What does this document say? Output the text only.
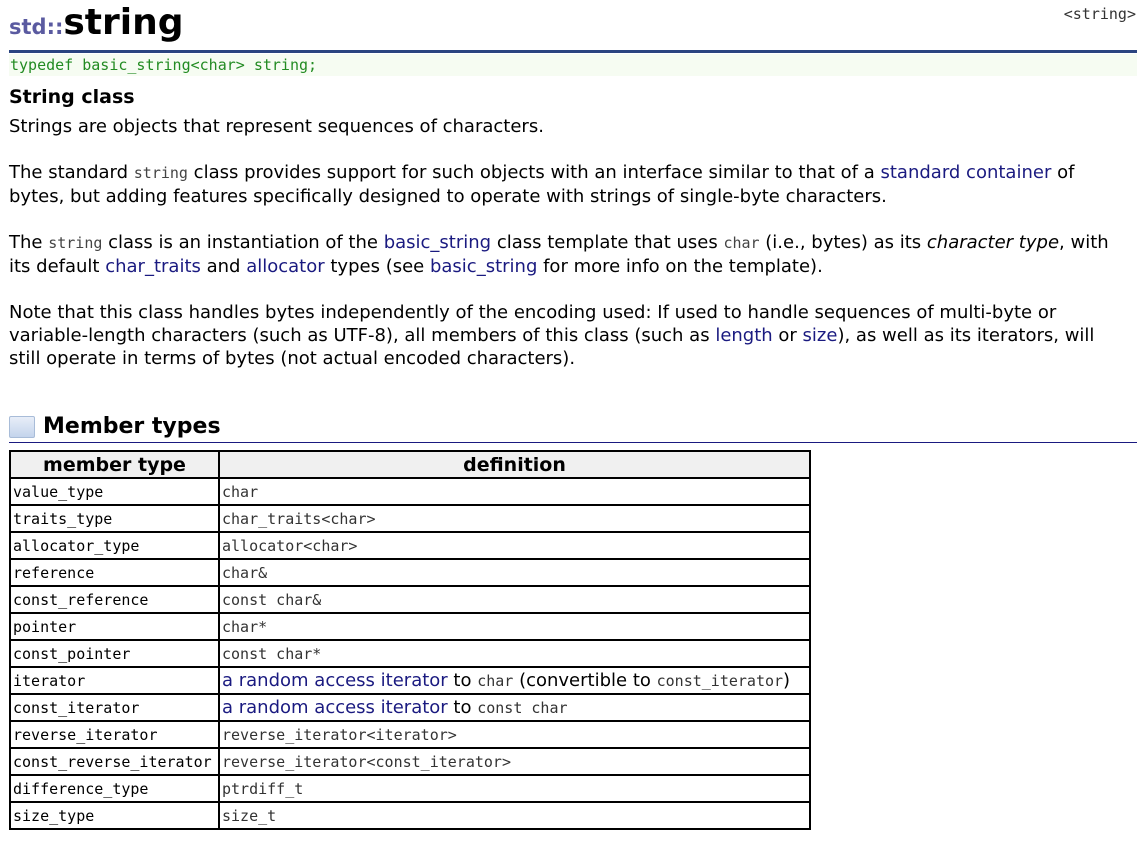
std::string	<string>
typedef basic_string<char> string;
String class
Strings are objects that represent sequences of characters.
The standard string class provides support for such objects with an interface similar to that of a standard container of bytes, but adding features specifically designed to operate with strings of single-byte characters.
The string class is an instantiation of the basic_string class template that uses char (i.e., bytes) as its character type, with its default char_traits and allocator types (see basic_string for more info on the template).
Note that this class handles bytes independently of the encoding used: If used to handle sequences of multi-byte or variable-length characters (such as UTF-8), all members of this class (such as length or size), as well as its iterators, will still operate in terms of bytes (not actual encoded characters).
Member types
member type	definition
value_type	char
traits_type	char_traits<char>
allocator_type	allocator<char>
reference	char&
const_reference	const char&
pointer	char*
const_pointer	const char*
iterator	a random access iterator to char (convertible to const_iterator)
const_iterator	a random access iterator to const char
reverse_iterator	reverse_iterator<iterator>
const_reverse_iterator	reverse_iterator<const_iterator>
difference_type	ptrdiff_t
size_type	size_t
